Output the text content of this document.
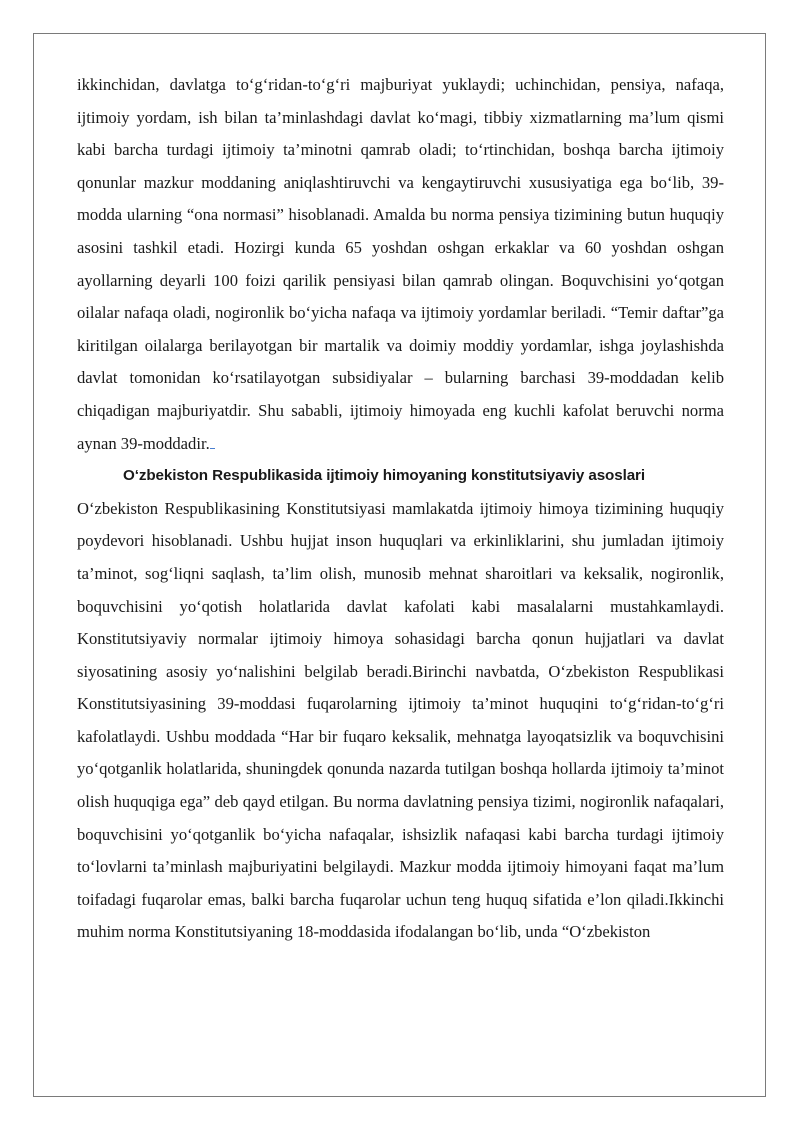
ikkinchidan, davlatga to‘g‘ridan-to‘g‘ri majburiyat yuklaydi; uchinchidan, pensiya, nafaqa, ijtimoiy yordam, ish bilan ta’minlashdagi davlat ko‘magi, tibbiy xizmatlarning ma’lum qismi kabi barcha turdagi ijtimoiy ta’minotni qamrab oladi; to‘rtinchidan, boshqa barcha ijtimoiy qonunlar mazkur moddaning aniqlashtiruvchi va kengaytiruvchi xususiyatiga ega bo‘lib, 39-modda ularning “ona normasi” hisoblanadi. Amalda bu norma pensiya tizimining butun huquqiy asosini tashkil etadi. Hozirgi kunda 65 yoshdan oshgan erkaklar va 60 yoshdan oshgan ayollarning deyarli 100 foizi qarilik pensiyasi bilan qamrab olingan. Boquvchisini yo‘qotgan oilalar nafaqa oladi, nogironlik bo‘yicha nafaqa va ijtimoiy yordamlar beriladi. “Temir daftar”ga kiritilgan oilalarga berilayotgan bir martalik va doimiy moddiy yordamlar, ishga joylashishda davlat tomonidan ko‘rsatilayotgan subsidiyalar – bularning barchasi 39-moddadan kelib chiqadigan majburiyatdir. Shu sababli, ijtimoiy himoyada eng kuchli kafolat beruvchi norma aynan 39-moddadir.

O‘zbekiston Respublikasida ijtimoiy himoyaning konstitutsiyaviy asoslari

O‘zbekiston Respublikasining Konstitutsiyasi mamlakatda ijtimoiy himoya tizimining huquqiy poydevori hisoblanadi. Ushbu hujjat inson huquqlari va erkinliklarini, shu jumladan ijtimoiy ta’minot, sog‘liqni saqlash, ta’lim olish, munosib mehnat sharoitlari va keksalik, nogironlik, boquvchisini yo‘qotish holatlarida davlat kafolati kabi masalalarni mustahkamlaydi. Konstitutsiyaviy normalar ijtimoiy himoya sohasidagi barcha qonun hujjatlari va davlat siyosatining asosiy yo‘nalishini belgilab beradi.Birinchi navbatda, O‘zbekiston Respublikasi Konstitutsiyasining 39-moddasi fuqarolarning ijtimoiy ta’minot huquqini to‘g‘ridan-to‘g‘ri kafolatlaydi. Ushbu moddada “Har bir fuqaro keksalik, mehnatga layoqatsizlik va boquvchisini yo‘qotganlik holatlarida, shuningdek qonunda nazarda tutilgan boshqa hollarda ijtimoiy ta’minot olish huquqiga ega” deb qayd etilgan. Bu norma davlatning pensiya tizimi, nogironlik nafaqalari, boquvchisini yo‘qotganlik bo‘yicha nafaqalar, ishsizlik nafaqasi kabi barcha turdagi ijtimoiy to‘lovlarni ta’minlash majburiyatini belgilaydi. Mazkur modda ijtimoiy himoyani faqat ma’lum toifadagi fuqarolar emas, balki barcha fuqarolar uchun teng huquq sifatida e’lon qiladi.Ikkinchi muhim norma Konstitutsiyaning 18-moddasida ifodalangan bo‘lib, unda “O‘zbekiston
